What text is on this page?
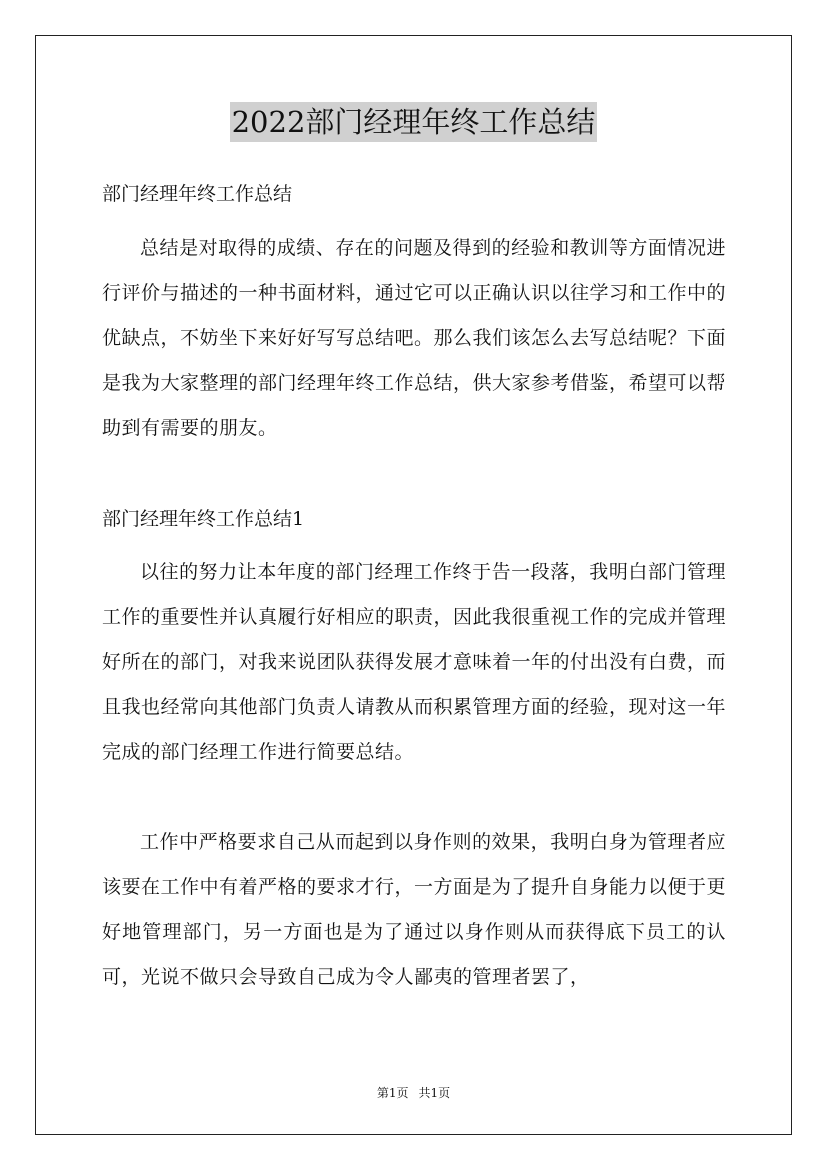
2022部门经理年终工作总结
部门经理年终工作总结
总结是对取得的成绩、存在的问题及得到的经验和教训等方面情况进行评价与描述的一种书面材料，通过它可以正确认识以往学习和工作中的优缺点，不妨坐下来好好写写总结吧。那么我们该怎么去写总结呢？下面是我为大家整理的部门经理年终工作总结，供大家参考借鉴，希望可以帮助到有需要的朋友。
部门经理年终工作总结1
以往的努力让本年度的部门经理工作终于告一段落，我明白部门管理工作的重要性并认真履行好相应的职责，因此我很重视工作的完成并管理好所在的部门，对我来说团队获得发展才意味着一年的付出没有白费，而且我也经常向其他部门负责人请教从而积累管理方面的经验，现对这一年完成的部门经理工作进行简要总结。
工作中严格要求自己从而起到以身作则的效果，我明白身为管理者应该要在工作中有着严格的要求才行，一方面是为了提升自身能力以便于更好地管理部门，另一方面也是为了通过以身作则从而获得底下员工的认可，光说不做只会导致自己成为令人鄙夷的管理者罢了，
第1页 共1页
